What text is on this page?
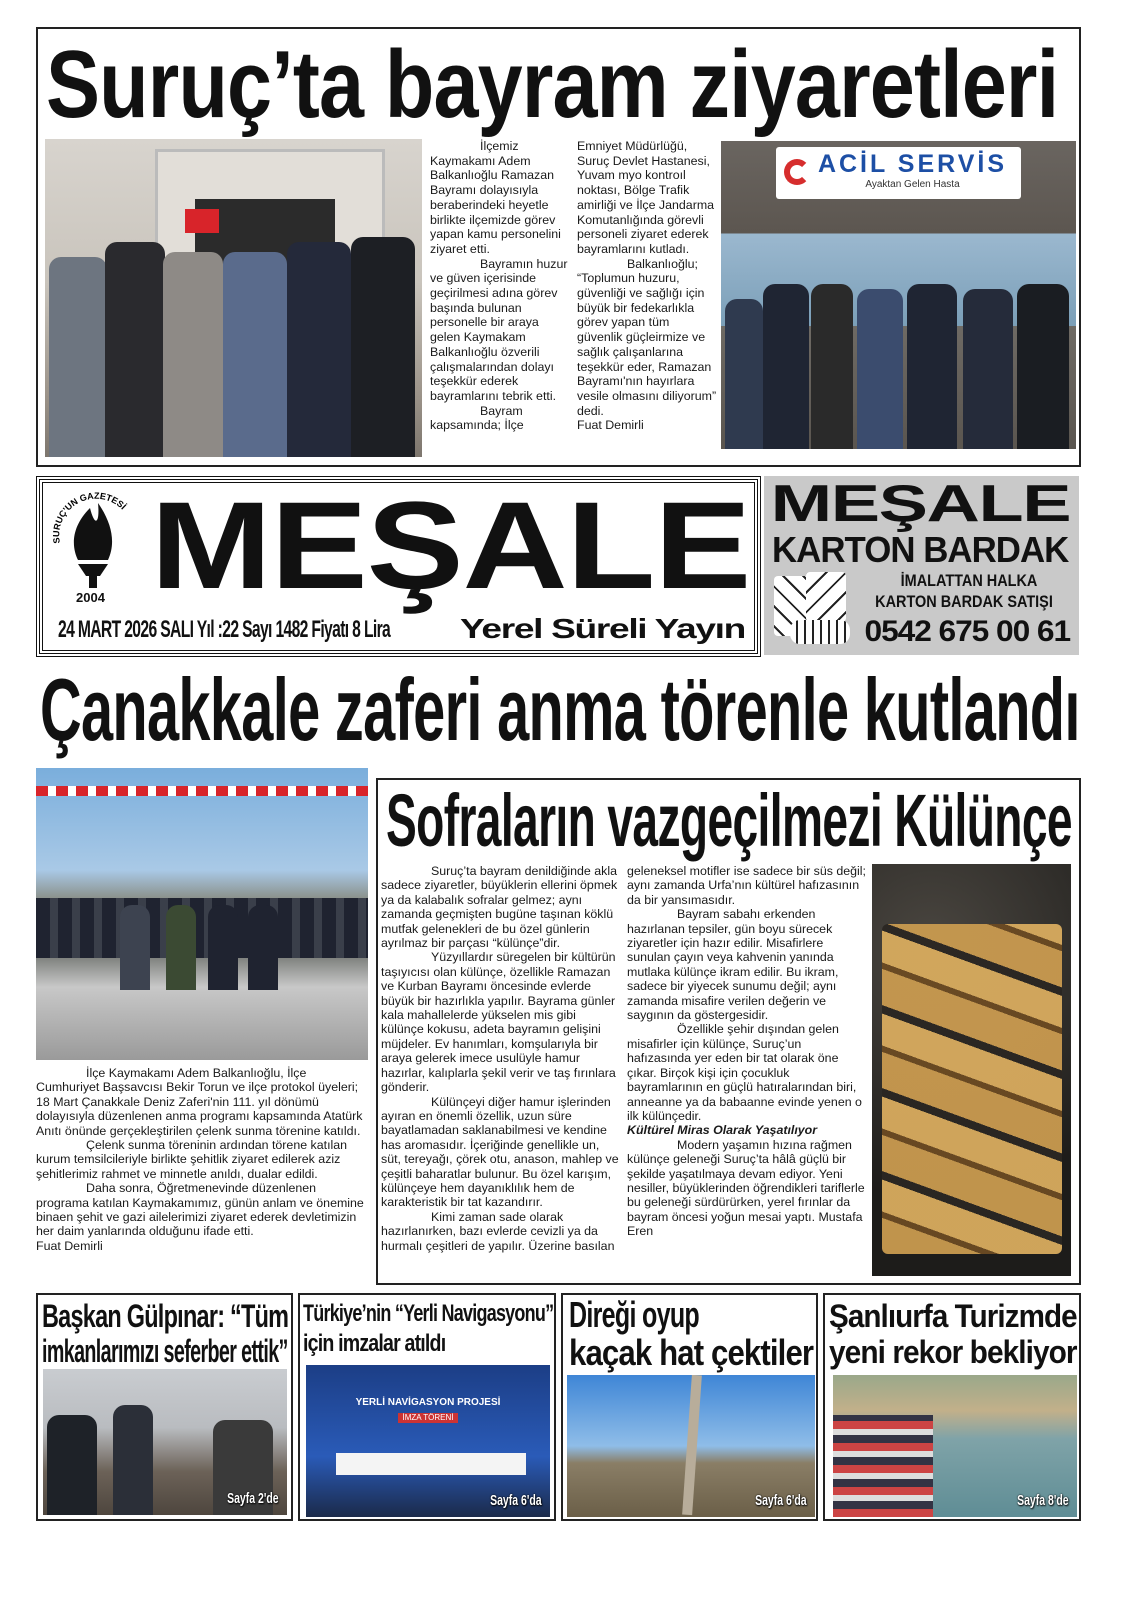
Suruç’ta bayram ziyaretleri

İlçemiz Kaymakamı Adem Balkanlıoğlu Ramazan Bayramı dolayısıyla beraberindeki heyetle birlikte ilçemizde görev yapan kamu personelini ziyaret etti.

Bayramın huzur ve güven içerisinde geçirilmesi adına görev başında bulunan personelle bir araya gelen Kaymakam Balkanlıoğlu özverili çalışmalarından dolayı teşekkür ederek bayramlarını tebrik etti.

Bayram kapsamında; İlçe Emniyet Müdürlüğü, Suruç Devlet Hastanesi, Yuvam myo kontroıl noktası, Bölge Trafik amirliği ve İlçe Jandarma Komutanlığında görevli personeli ziyaret ederek bayramlarını kutladı.

Balkanlıoğlu; “Toplumun huzuru, güvenliği ve sağlığı için büyük bir fedekarlıkla görev yapan tüm güvenlik güçleirmize ve sağlık çalışanlarına teşekkür eder, Ramazan Bayramı'nın hayırlara vesile olmasını diliyorum” dedi.

Fuat Demirli

ACİL SERVİS
Ayaktan Gelen Hasta
SURUÇ'UN GAZETESİ
2004 MEŞALE
24 MART 2026 SALI Yıl :22 Sayı 1482 Fiyatı 8 Lira Yerel Süreli Yayın
MEŞALE
KARTON BARDAK
İMALATTAN HALKA
KARTON BARDAK SATIŞI
0542 675 00 61
Çanakkale zaferi anma törenle kutlandı

İlçe Kaymakamı Adem Balkanlıoğlu, İlçe Cumhuriyet Başsavcısı Bekir Torun ve ilçe protokol üyeleri; 18 Mart Çanakkale Deniz Zaferi'nin 111. yıl dönümü dolayısıyla düzenlenen anma programı kapsamında Atatürk Anıtı önünde gerçekleştirilen çelenk sunma törenine katıldı.

Çelenk sunma töreninin ardından törene katılan kurum temsilcileriyle birlikte şehitlik ziyaret edilerek aziz şehitlerimiz rahmet ve minnetle anıldı, dualar edildi.

Daha sonra, Öğretmenevinde düzenlenen programa katılan Kaymakamımız, günün anlam ve önemine binaen şehit ve gazi ailelerimizi ziyaret ederek devletimizin her daim yanlarında olduğunu ifade etti.

Fuat Demirli

Sofraların vazgeçilmezi Külünçe

Suruç’ta bayram denildiğinde akla sadece ziyaretler, büyüklerin ellerini öpmek ya da kalabalık sofralar gelmez; aynı zamanda geçmişten bugüne taşınan köklü mutfak gelenekleri de bu özel günlerin ayrılmaz bir parçası “külünçe”dir.

Yüzyıllardır süregelen bir kültürün taşıyıcısı olan külünçe, özellikle Ramazan ve Kurban Bayramı öncesinde evlerde büyük bir hazırlıkla yapılır. Bayrama günler kala mahallelerde yükselen mis gibi külünçe kokusu, adeta bayramın gelişini müjdeler. Ev hanımları, komşularıyla bir araya gelerek imece usulüyle hamur hazırlar, kalıplarla şekil verir ve taş fırınlara gönderir.

Külünçeyi diğer hamur işlerinden ayıran en önemli özellik, uzun süre bayatlamadan saklanabilmesi ve kendine has aromasıdır. İçeriğinde genellikle un, süt, tereyağı, çörek otu, anason, mahlep ve çeşitli baharatlar bulunur. Bu özel karışım, külünçeye hem dayanıklılık hem de karakteristik bir tat kazandırır.

Kimi zaman sade olarak hazırlanırken, bazı evlerde cevizli ya da hurmalı çeşitleri de yapılır. Üzerine basılan geleneksel motifler ise sadece bir süs değil; aynı zamanda Urfa’nın kültürel hafızasının da bir yansımasıdır.

Bayram sabahı erkenden hazırlanan tepsiler, gün boyu sürecek ziyaretler için hazır edilir. Misafirlere sunulan çayın veya kahvenin yanında mutlaka külünçe ikram edilir. Bu ikram, sadece bir yiyecek sunumu değil; aynı zamanda misafire verilen değerin ve saygının da göstergesidir.

Özellikle şehir dışından gelen misafirler için külünçe, Suruç’un hafızasında yer eden bir tat olarak öne çıkar. Birçok kişi için çocukluk bayramlarının en güçlü hatıralarından biri, anneanne ya da babaanne evinde yenen o ilk külünçedir.

Kültürel Miras Olarak Yaşatılıyor

Modern yaşamın hızına rağmen külünçe geleneği Suruç’ta hâlâ güçlü bir şekilde yaşatılmaya devam ediyor. Yeni nesiller, büyüklerinden öğrendikleri tariflerle bu geleneği sürdürürken, yerel fırınlar da bayram öncesi yoğun mesai yaptı. Mustafa Eren

Başkan Gülpınar: “Tüm
imkanlarımızı seferber ettik”
Sayfa 2'de
Türkiye’nin “Yerli Navigasyonu”
için imzalar atıldı
YERLİ NAVİGASYON PROJESİ
İMZA TÖRENİ
Sayfa 6'da
Direği oyup
kaçak hat çektiler
Sayfa 6'da
Şanlıurfa Turizmde
yeni rekor bekliyor
Sayfa 8'de
